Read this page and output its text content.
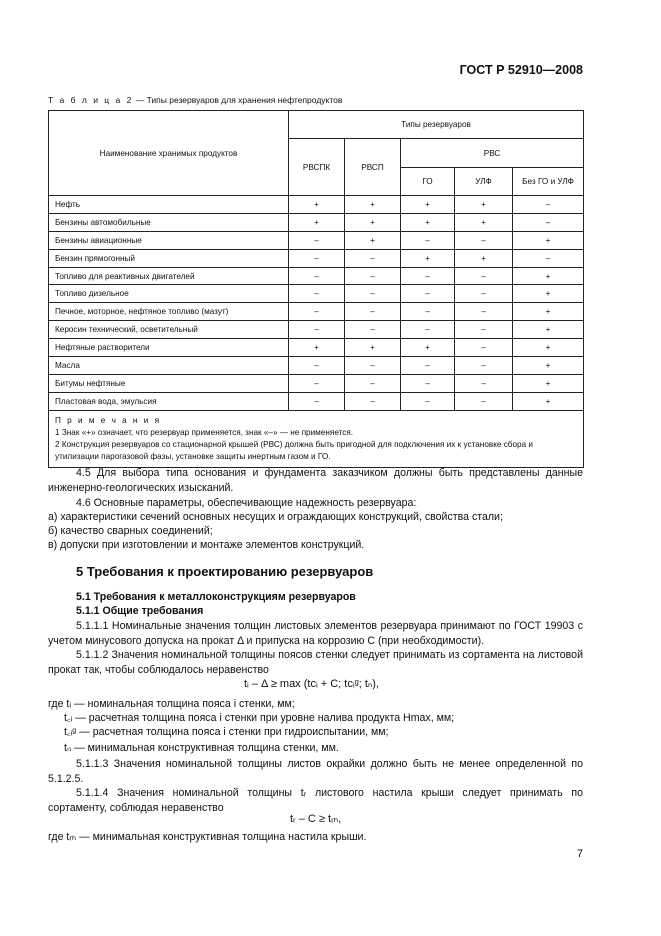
ГОСТ Р 52910—2008
Т а б л и ц а 2 — Типы резервуаров для хранения нефтепродуктов
Наименование хранимых продуктов	Типы резервуаров				
	РВСПК	РВСП	РВС		
			ГО	УЛФ	Без ГО и УЛФ
Нефть	+	+	+	+	–
Бензины автомобильные	+	+	+	+	–
Бензины авиационные	–	+	–	–	+
Бензин прямогонный	–	–	+	+	–
Топливо для реактивных двигателей	–	–	–	–	+
Топливо дизельное	–	–	–	–	+
Печное, моторное, нефтяное топливо (мазут)	–	–	–	–	+
Керосин технический, осветительный	–	–	–	–	+
Нефтяные растворители	+	+	+	–	+
Масла	–	–	–	–	+
Битумы нефтяные	–	–	–	–	+
Пластовая вода, эмульсия	–	–	–	–	+

П р и м е ч а н и я
1 Знак «+» означает, что резервуар применяется, знак «–» — не применяется.
2 Конструкция резервуаров со стационарной крышей (РВС) должна быть пригодной для подключения их к установке сбора и утилизации парогазовой фазы, установке защиты инертным газом и ГО.					
4.5 Для выбора типа основания и фундамента заказчиком должны быть представлены данные инженерно-геологических изысканий.
4.6 Основные параметры, обеспечивающие надежность резервуара:
а) характеристики сечений основных несущих и ограждающих конструкций, свойства стали;
б) качество сварных соединений;
в) допуски при изготовлении и монтаже элементов конструкций.
5 Требования к проектированию резервуаров
5.1 Требования к металлоконструкциям резервуаров
5.1.1 Общие требования
5.1.1.1 Номинальные значения толщин листовых элементов резервуара принимают по ГОСТ 19903 с учетом минусового допуска на прокат Δ и припуска на коррозию C (при необходимости).
5.1.1.2 Значения номинальной толщины поясов стенки следует принимать из сортамента на листовой прокат так, чтобы соблюдалось неравенство
tᵢ – Δ ≥ max (tᴄᵢ + C; tᴄᵢᵍ; tₙ),
где tᵢ — номинальная толщина пояса i стенки, мм;
t꜀ᵢ — расчетная толщина пояса i стенки при уровне налива продукта Hmax, мм;
t꜀ᵢᵍ — расчетная толщина пояса i стенки при гидроиспытании, мм;
tₙ — минимальная конструктивная толщина стенки, мм.
5.1.1.3 Значения номинальной толщины листов окрайки должно быть не менее определенной по 5.1.2.5.
5.1.1.4 Значения номинальной толщины tᵣ листового настила крыши следует принимать по сортаменту, соблюдая неравенство
tᵣ – C ≥ tᵣₕ,
где tᵣₕ — минимальная конструктивная толщина настила крыши.
7
